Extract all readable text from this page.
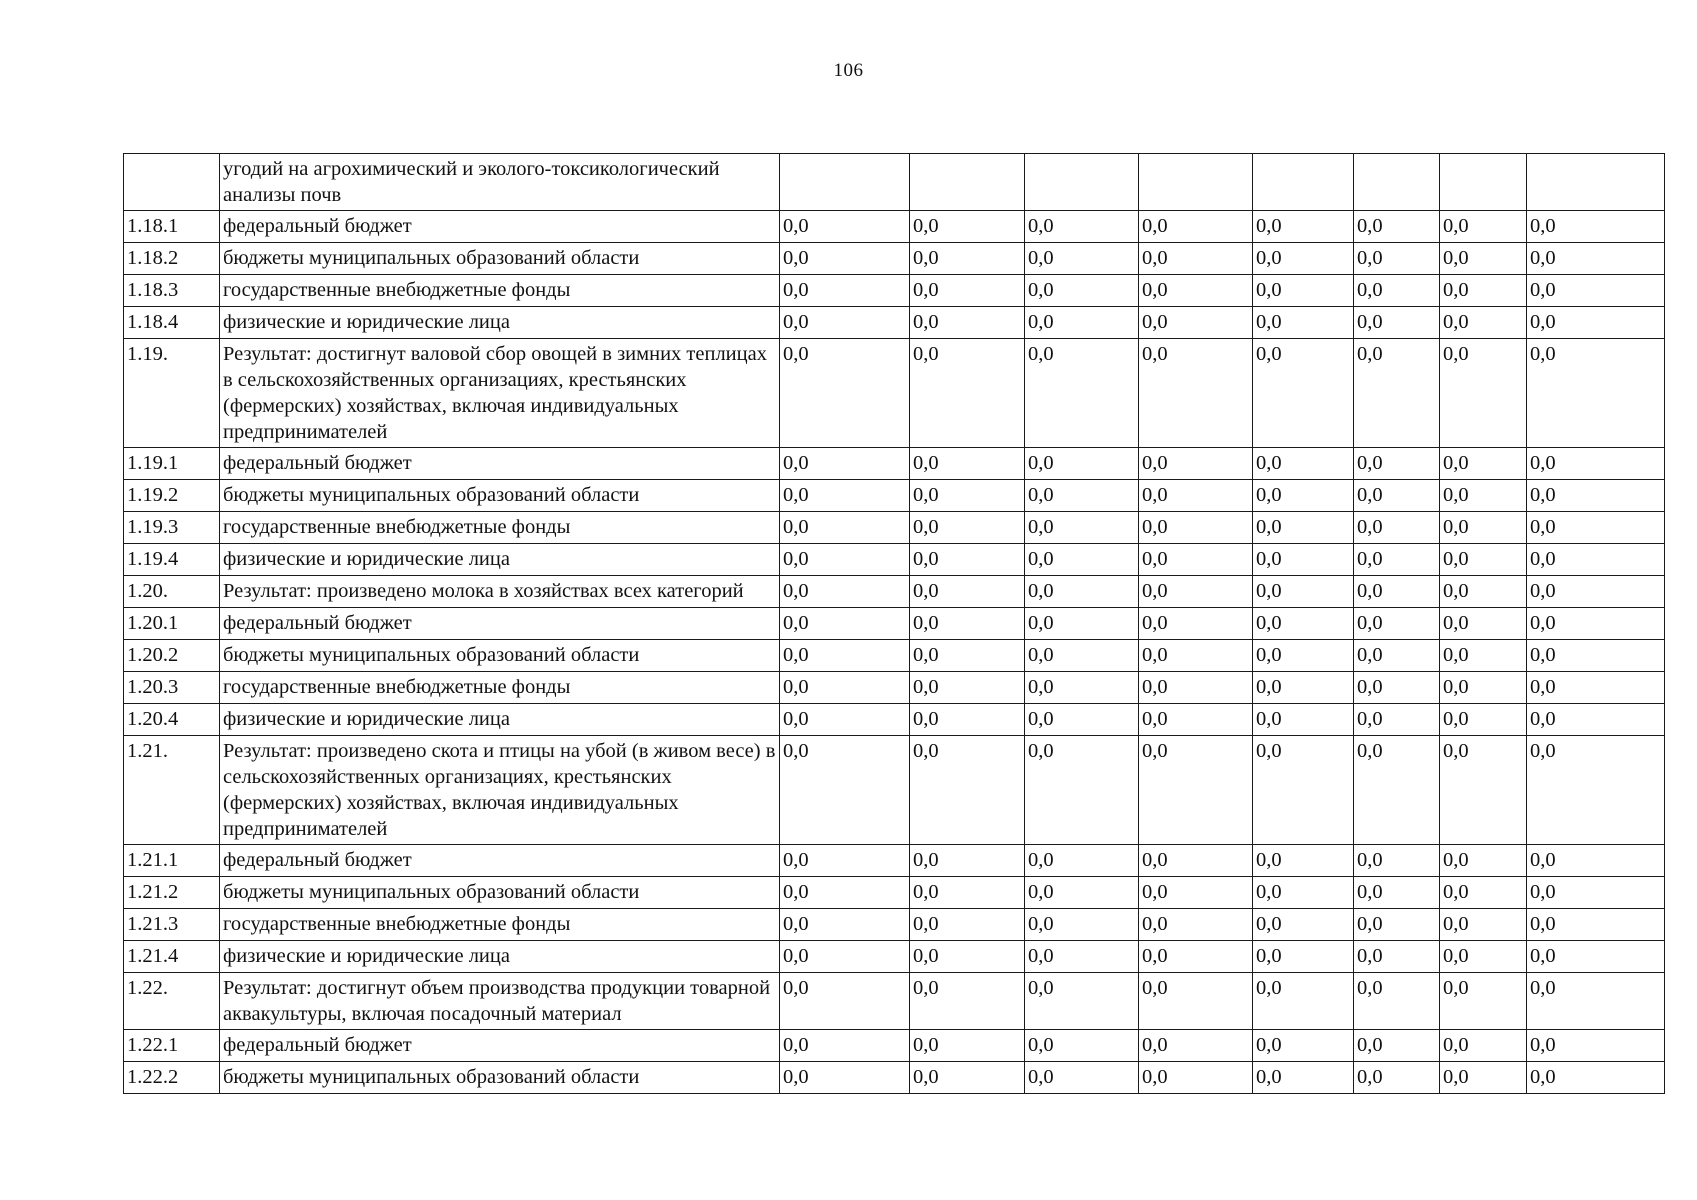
106
	угодий на агрохимический и эколого-токсикологический анализы почв								
1.18.1	федеральный бюджет	0,0	0,0	0,0	0,0	0,0	0,0	0,0	0,0
1.18.2	бюджеты муниципальных образований области	0,0	0,0	0,0	0,0	0,0	0,0	0,0	0,0
1.18.3	государственные внебюджетные фонды	0,0	0,0	0,0	0,0	0,0	0,0	0,0	0,0
1.18.4	физические и юридические лица	0,0	0,0	0,0	0,0	0,0	0,0	0,0	0,0
1.19.	Результат: достигнут валовой сбор овощей в зимних теплицах в сельскохозяйственных организациях, крестьянских (фермерских) хозяйствах, включая индивидуальных предпринимателей	0,0	0,0	0,0	0,0	0,0	0,0	0,0	0,0
1.19.1	федеральный бюджет	0,0	0,0	0,0	0,0	0,0	0,0	0,0	0,0
1.19.2	бюджеты муниципальных образований области	0,0	0,0	0,0	0,0	0,0	0,0	0,0	0,0
1.19.3	государственные внебюджетные фонды	0,0	0,0	0,0	0,0	0,0	0,0	0,0	0,0
1.19.4	физические и юридические лица	0,0	0,0	0,0	0,0	0,0	0,0	0,0	0,0
1.20.	Результат: произведено молока в хозяйствах всех категорий	0,0	0,0	0,0	0,0	0,0	0,0	0,0	0,0
1.20.1	федеральный бюджет	0,0	0,0	0,0	0,0	0,0	0,0	0,0	0,0
1.20.2	бюджеты муниципальных образований области	0,0	0,0	0,0	0,0	0,0	0,0	0,0	0,0
1.20.3	государственные внебюджетные фонды	0,0	0,0	0,0	0,0	0,0	0,0	0,0	0,0
1.20.4	физические и юридические лица	0,0	0,0	0,0	0,0	0,0	0,0	0,0	0,0
1.21.	Результат: произведено скота и птицы на убой (в живом весе) в сельскохозяйственных организациях, крестьянских (фермерских) хозяйствах, включая индивидуальных предпринимателей	0,0	0,0	0,0	0,0	0,0	0,0	0,0	0,0
1.21.1	федеральный бюджет	0,0	0,0	0,0	0,0	0,0	0,0	0,0	0,0
1.21.2	бюджеты муниципальных образований области	0,0	0,0	0,0	0,0	0,0	0,0	0,0	0,0
1.21.3	государственные внебюджетные фонды	0,0	0,0	0,0	0,0	0,0	0,0	0,0	0,0
1.21.4	физические и юридические лица	0,0	0,0	0,0	0,0	0,0	0,0	0,0	0,0
1.22.	Результат: достигнут объем производства продукции товарной аквакультуры, включая посадочный материал	0,0	0,0	0,0	0,0	0,0	0,0	0,0	0,0
1.22.1	федеральный бюджет	0,0	0,0	0,0	0,0	0,0	0,0	0,0	0,0
1.22.2	бюджеты муниципальных образований области	0,0	0,0	0,0	0,0	0,0	0,0	0,0	0,0
